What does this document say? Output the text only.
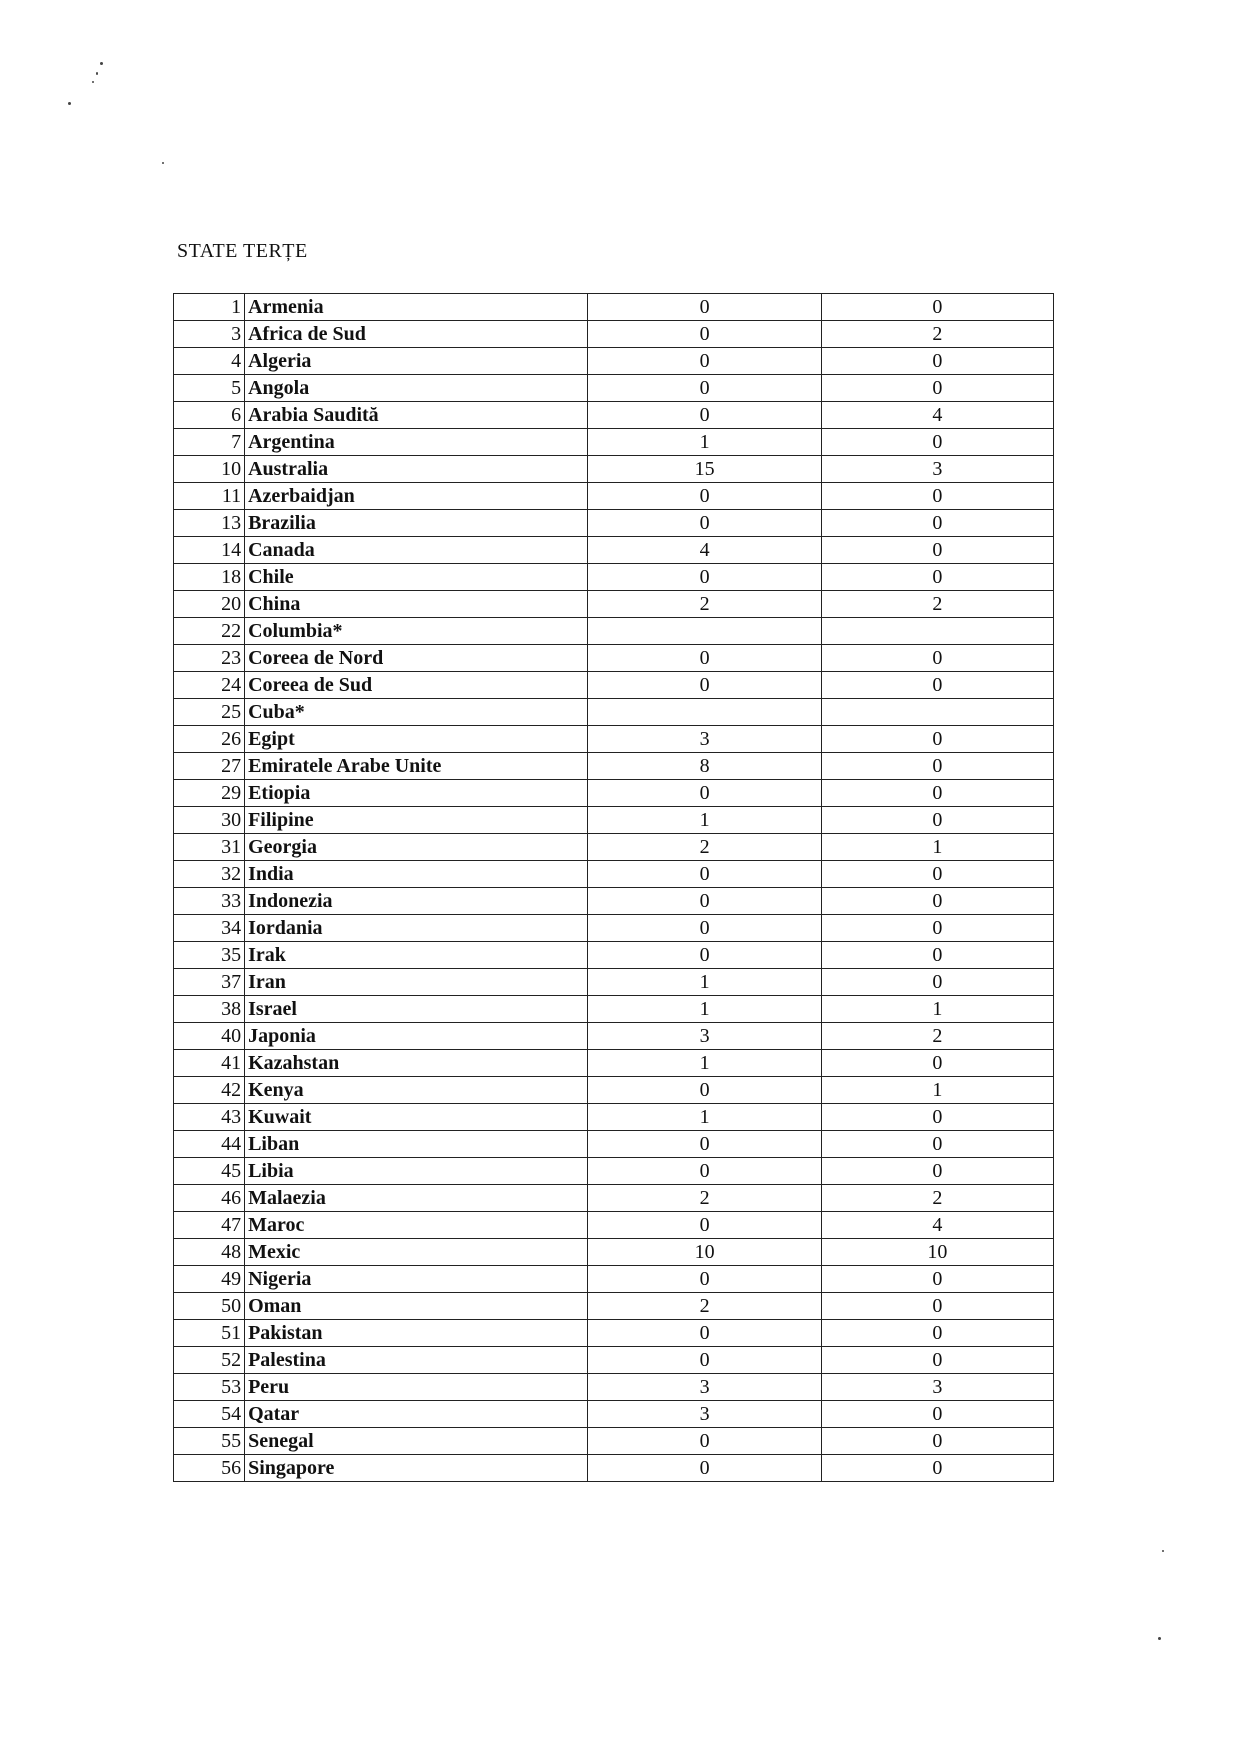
STATE TERȚE
1	Armenia	0	0
3	Africa de Sud	0	2
4	Algeria	0	0
5	Angola	0	0
6	Arabia Saudită	0	4
7	Argentina	1	0
10	Australia	15	3
11	Azerbaidjan	0	0
13	Brazilia	0	0
14	Canada	4	0
18	Chile	0	0
20	China	2	2
22	Columbia*		
23	Coreea de Nord	0	0
24	Coreea de Sud	0	0
25	Cuba*		
26	Egipt	3	0
27	Emiratele Arabe Unite	8	0
29	Etiopia	0	0
30	Filipine	1	0
31	Georgia	2	1
32	India	0	0
33	Indonezia	0	0
34	Iordania	0	0
35	Irak	0	0
37	Iran	1	0
38	Israel	1	1
40	Japonia	3	2
41	Kazahstan	1	0
42	Kenya	0	1
43	Kuwait	1	0
44	Liban	0	0
45	Libia	0	0
46	Malaezia	2	2
47	Maroc	0	4
48	Mexic	10	10
49	Nigeria	0	0
50	Oman	2	0
51	Pakistan	0	0
52	Palestina	0	0
53	Peru	3	3
54	Qatar	3	0
55	Senegal	0	0
56	Singapore	0	0
